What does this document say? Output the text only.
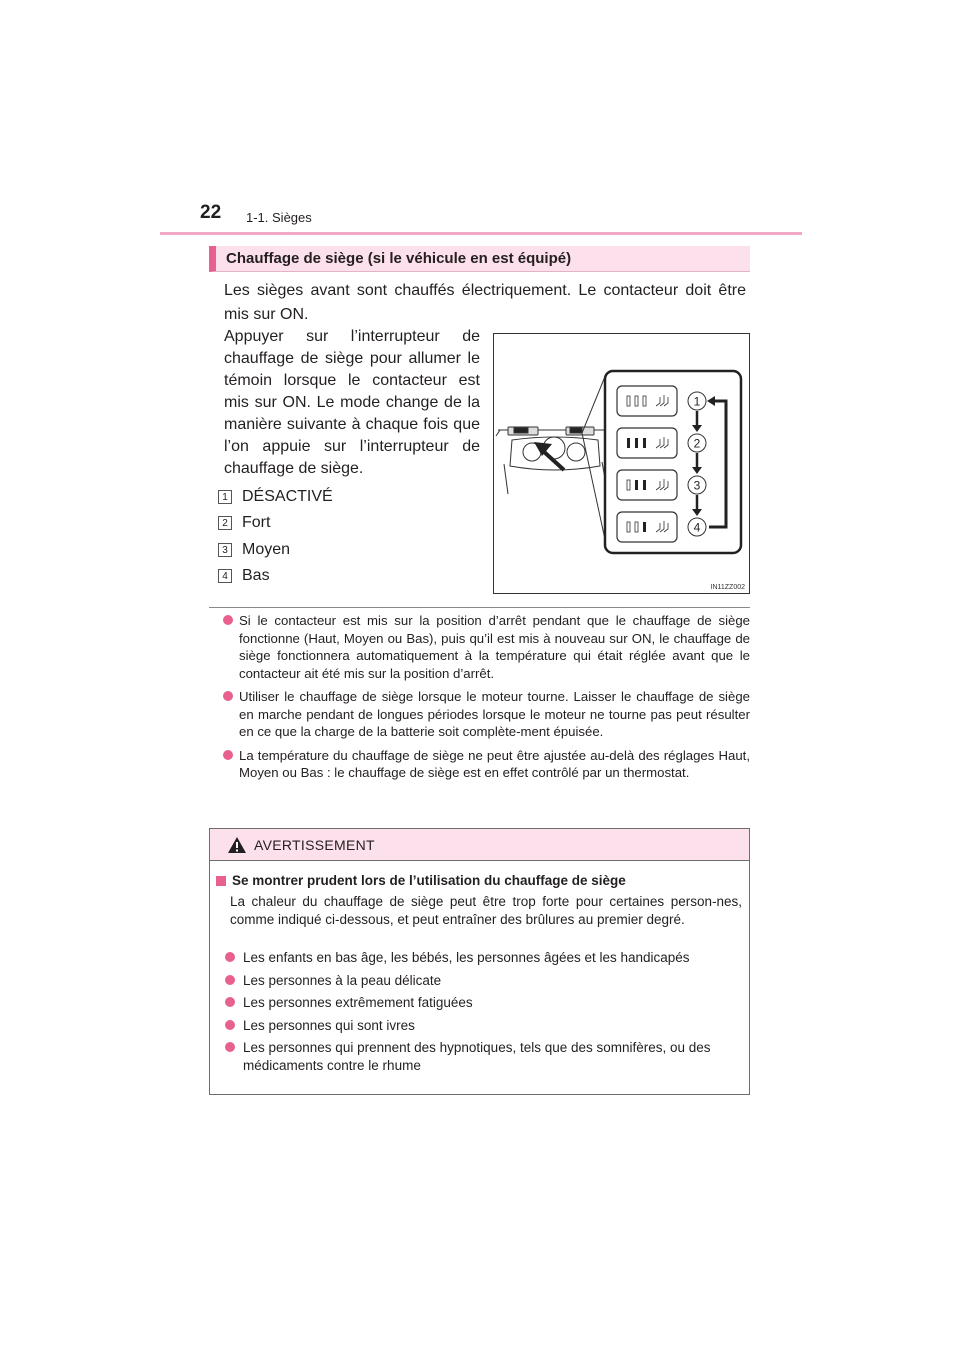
22 1-1. Sièges
Chauffage de siège (si le véhicule en est équipé)
Les sièges avant sont chauffés électriquement. Le contacteur doit être mis sur ON.
Appuyer sur l’interrupteur de chauffage de siège pour allumer le témoin lorsque le contacteur est mis sur ON. Le mode change de la manière suivante à chaque fois que l’on appuie sur l’interrupteur de chauffage de siège.
1 DÉSACTIVÉ
2 Fort
3 Moyen
4 Bas
1
2
3
4
IN11ZZ002
Si le contacteur est mis sur la position d’arrêt pendant que le chauffage de siège fonctionne (Haut, Moyen ou Bas), puis qu’il est mis à nouveau sur ON, le chauffage de siège fonctionnera automatiquement à la température qui était réglée avant que le contacteur ait été mis sur la position d’arrêt.
Utiliser le chauffage de siège lorsque le moteur tourne. Laisser le chauffage de siège en marche pendant de longues périodes lorsque le moteur ne tourne pas peut résulter en ce que la charge de la batterie soit complète-ment épuisée.
La température du chauffage de siège ne peut être ajustée au-delà des réglages Haut, Moyen ou Bas : le chauffage de siège est en effet contrôlé par un thermostat.
AVERTISSEMENT
Se montrer prudent lors de l’utilisation du chauffage de siège
La chaleur du chauffage de siège peut être trop forte pour certaines person-nes, comme indiqué ci-dessous, et peut entraîner des brûlures au premier degré.
Les enfants en bas âge, les bébés, les personnes âgées et les handicapés
Les personnes à la peau délicate
Les personnes extrêmement fatiguées
Les personnes qui sont ivres
Les personnes qui prennent des hypnotiques, tels que des somnifères, ou des médicaments contre le rhume
